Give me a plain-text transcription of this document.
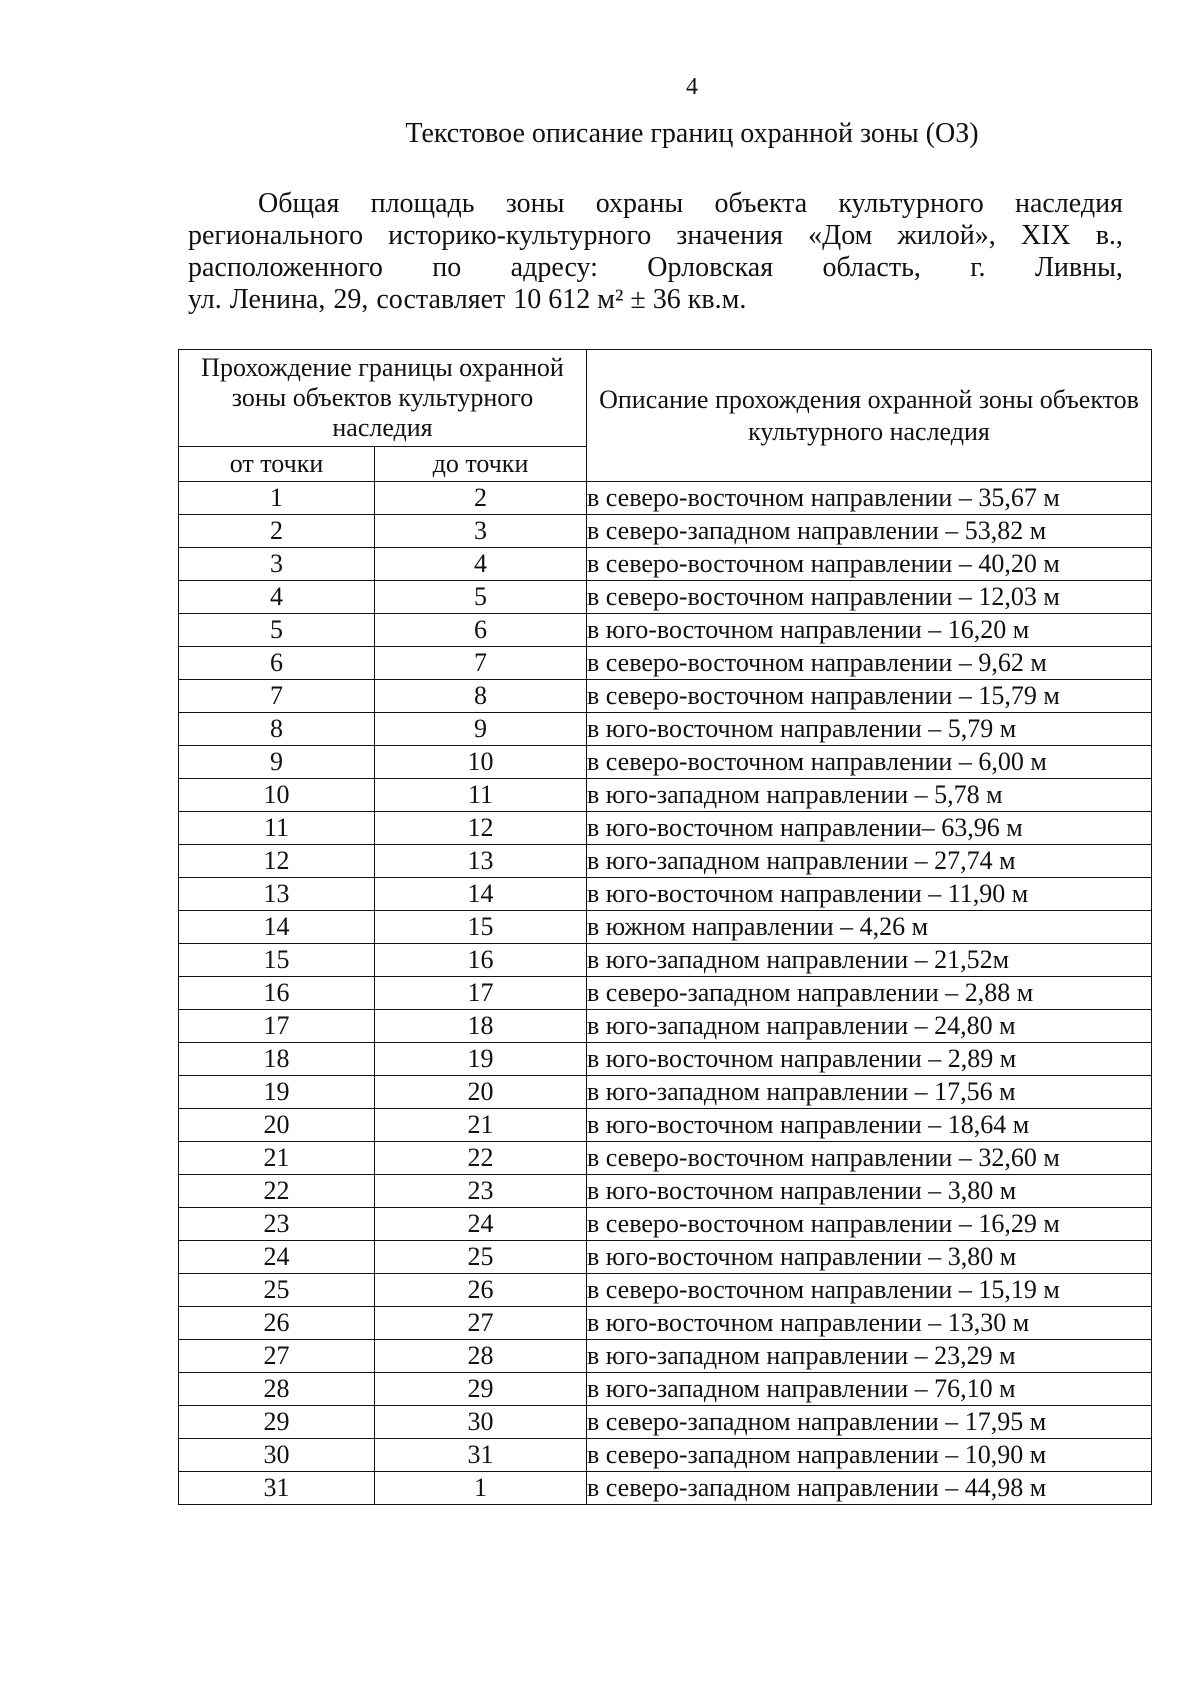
4
Текстовое описание границ охранной зоны (ОЗ)
Общая площадь зоны охраны объекта культурного наследия
регионального историко-культурного значения «Дом жилой», XIX в.,
расположенного по адресу: Орловская область, г. Ливны,
ул. Ленина, 29, составляет 10 612 м² ± 36 кв.м.
Прохождение границы охранной зоны объектов культурного наследия		Описание прохождения охранной зоны объектов культурного наследия
от точки	до точки	
1	2	в северо-восточном направлении – 35,67 м
2	3	в северо-западном направлении – 53,82 м
3	4	в северо-восточном направлении – 40,20 м
4	5	в северо-восточном направлении – 12,03 м
5	6	в юго-восточном направлении – 16,20 м
6	7	в северо-восточном направлении – 9,62 м
7	8	в северо-восточном направлении – 15,79 м
8	9	в юго-восточном направлении – 5,79 м
9	10	в северо-восточном направлении – 6,00 м
10	11	в юго-западном направлении – 5,78 м
11	12	в юго-восточном направлении– 63,96 м
12	13	в юго-западном направлении – 27,74 м
13	14	в юго-восточном направлении – 11,90 м
14	15	в южном направлении – 4,26 м
15	16	в юго-западном направлении – 21,52м
16	17	в северо-западном направлении – 2,88 м
17	18	в юго-западном направлении – 24,80 м
18	19	в юго-восточном направлении – 2,89 м
19	20	в юго-западном направлении – 17,56 м
20	21	в юго-восточном направлении – 18,64 м
21	22	в северо-восточном направлении – 32,60 м
22	23	в юго-восточном направлении – 3,80 м
23	24	в северо-восточном направлении – 16,29 м
24	25	в юго-восточном направлении – 3,80 м
25	26	в северо-восточном направлении – 15,19 м
26	27	в юго-восточном направлении – 13,30 м
27	28	в юго-западном направлении – 23,29 м
28	29	в юго-западном направлении – 76,10 м
29	30	в северо-западном направлении – 17,95 м
30	31	в северо-западном направлении – 10,90 м
31	1	в северо-западном направлении – 44,98 м
